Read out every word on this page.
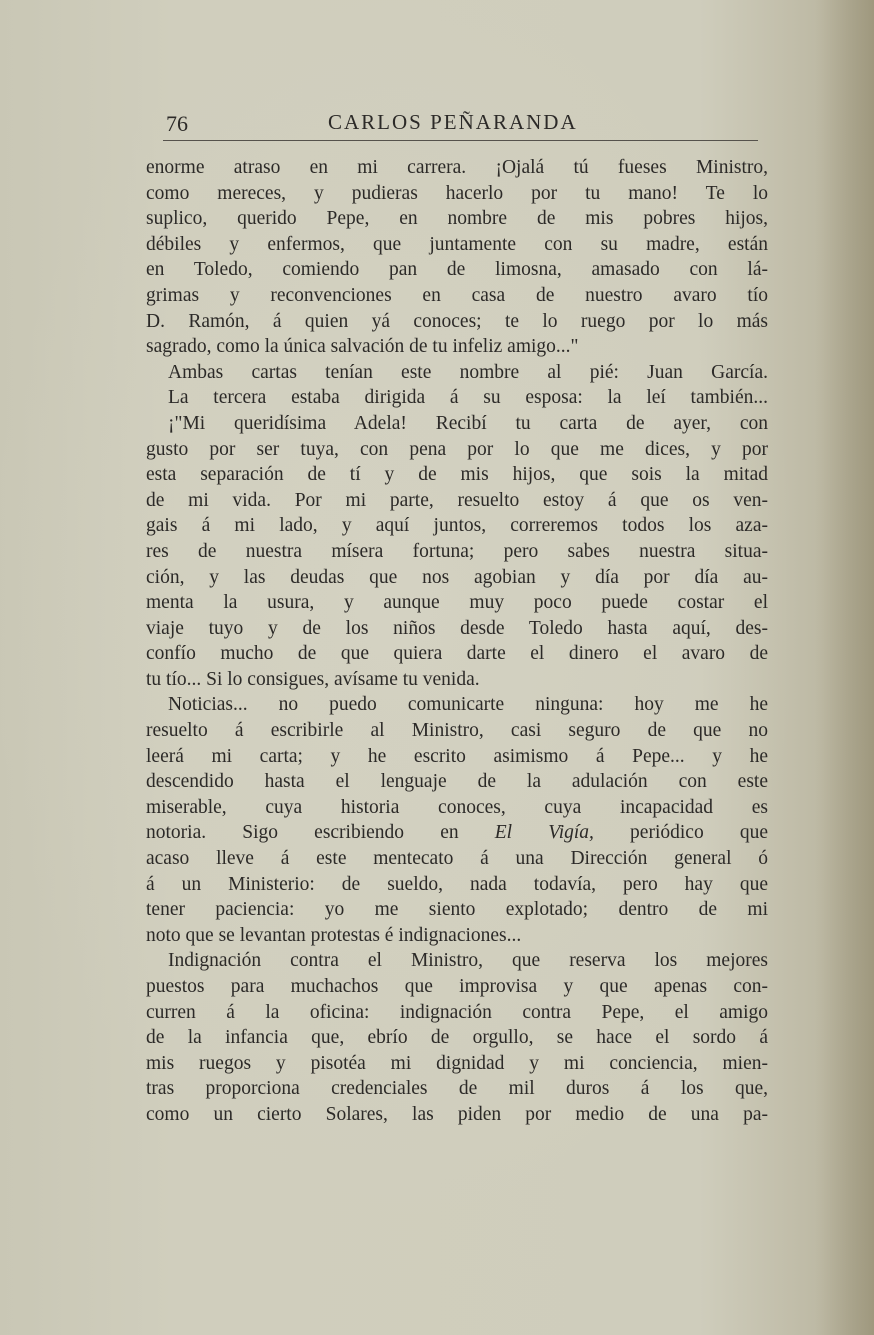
76	CARLOS PEÑARANDA
enorme atraso en mi carrera. ¡Ojalá tú fueses Ministro,
como mereces, y pudieras hacerlo por tu mano! Te lo
suplico, querido Pepe, en nombre de mis pobres hijos,
débiles y enfermos, que juntamente con su madre, están
en Toledo, comiendo pan de limosna, amasado con lá-
grimas y reconvenciones en casa de nuestro avaro tío
D. Ramón, á quien yá conoces; te lo ruego por lo más
sagrado, como la única salvación de tu infeliz amigo..."
Ambas cartas tenían este nombre al pié: Juan García.
La tercera estaba dirigida á su esposa: la leí también...
¡"Mi queridísima Adela! Recibí tu carta de ayer, con
gusto por ser tuya, con pena por lo que me dices, y por
esta separación de tí y de mis hijos, que sois la mitad
de mi vida. Por mi parte, resuelto estoy á que os ven-
gais á mi lado, y aquí juntos, correremos todos los aza-
res de nuestra mísera fortuna; pero sabes nuestra situa-
ción, y las deudas que nos agobian y día por día au-
menta la usura, y aunque muy poco puede costar el
viaje tuyo y de los niños desde Toledo hasta aquí, des-
confío mucho de que quiera darte el dinero el avaro de
tu tío... Si lo consigues, avísame tu venida.
Noticias... no puedo comunicarte ninguna: hoy me he
resuelto á escribirle al Ministro, casi seguro de que no
leerá mi carta; y he escrito asimismo á Pepe... y he
descendido hasta el lenguaje de la adulación con este
miserable, cuya historia conoces, cuya incapacidad es
notoria. Sigo escribiendo en El Vigía, periódico que
acaso lleve á este mentecato á una Dirección general ó
á un Ministerio: de sueldo, nada todavía, pero hay que
tener paciencia: yo me siento explotado; dentro de mi
noto que se levantan protestas é indignaciones...
Indignación contra el Ministro, que reserva los mejores
puestos para muchachos que improvisa y que apenas con-
curren á la oficina: indignación contra Pepe, el amigo
de la infancia que, ebrío de orgullo, se hace el sordo á
mis ruegos y pisotéa mi dignidad y mi conciencia, mien-
tras proporciona credenciales de mil duros á los que,
como un cierto Solares, las piden por medio de una pa-
